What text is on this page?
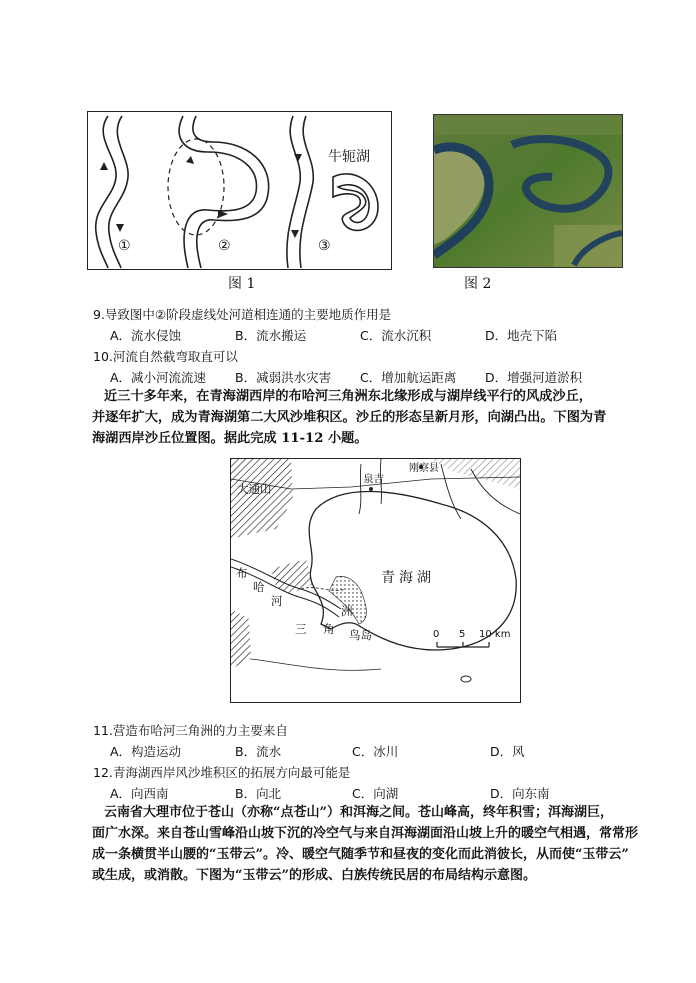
牛轭湖
①	②	③
图 1	图 2
9.导致图中②阶段虚线处河道相连通的主要地质作用是
A．流水侵蚀	B．流水搬运	C．流水沉积	D．地壳下陷
10.河流自然截弯取直可以
A．减小河流流速 B．减弱洪水灾害 C．增加航运距离 D．增强河道淤积
近三十多年来，在青海湖西岸的布哈河三角洲东北缘形成与湖岸线平行的风成沙丘，
并逐年扩大，成为青海湖第二大风沙堆积区。沙丘的形态呈新月形，向湖凸出。下图为青
海湖西岸沙丘位置图。据此完成 11-12 小题。
刚察县
大通山
泉吉
青海湖
布
哈
河
三 角
洲
鸟岛	0 5 10 km
11.营造布哈河三角洲的力主要来自
A．构造运动	B．流水	C．冰川	D．风
12.青海湖西岸风沙堆积区的拓展方向最可能是
A．向西南	B．向北	C．向湖	D．向东南
云南省大理市位于苍山（亦称“点苍山”）和洱海之间。苍山峰高，终年积雪；洱海湖巨，
面广水深。来自苍山雪峰沿山坡下沉的冷空气与来自洱海湖面沿山坡上升的暖空气相遇，常常形
成一条横贯半山腰的“玉带云”。冷、暖空气随季节和昼夜的变化而此消彼长，从而使“玉带云”
或生成，或消散。下图为“玉带云”的形成、白族传统民居的布局结构示意图。
